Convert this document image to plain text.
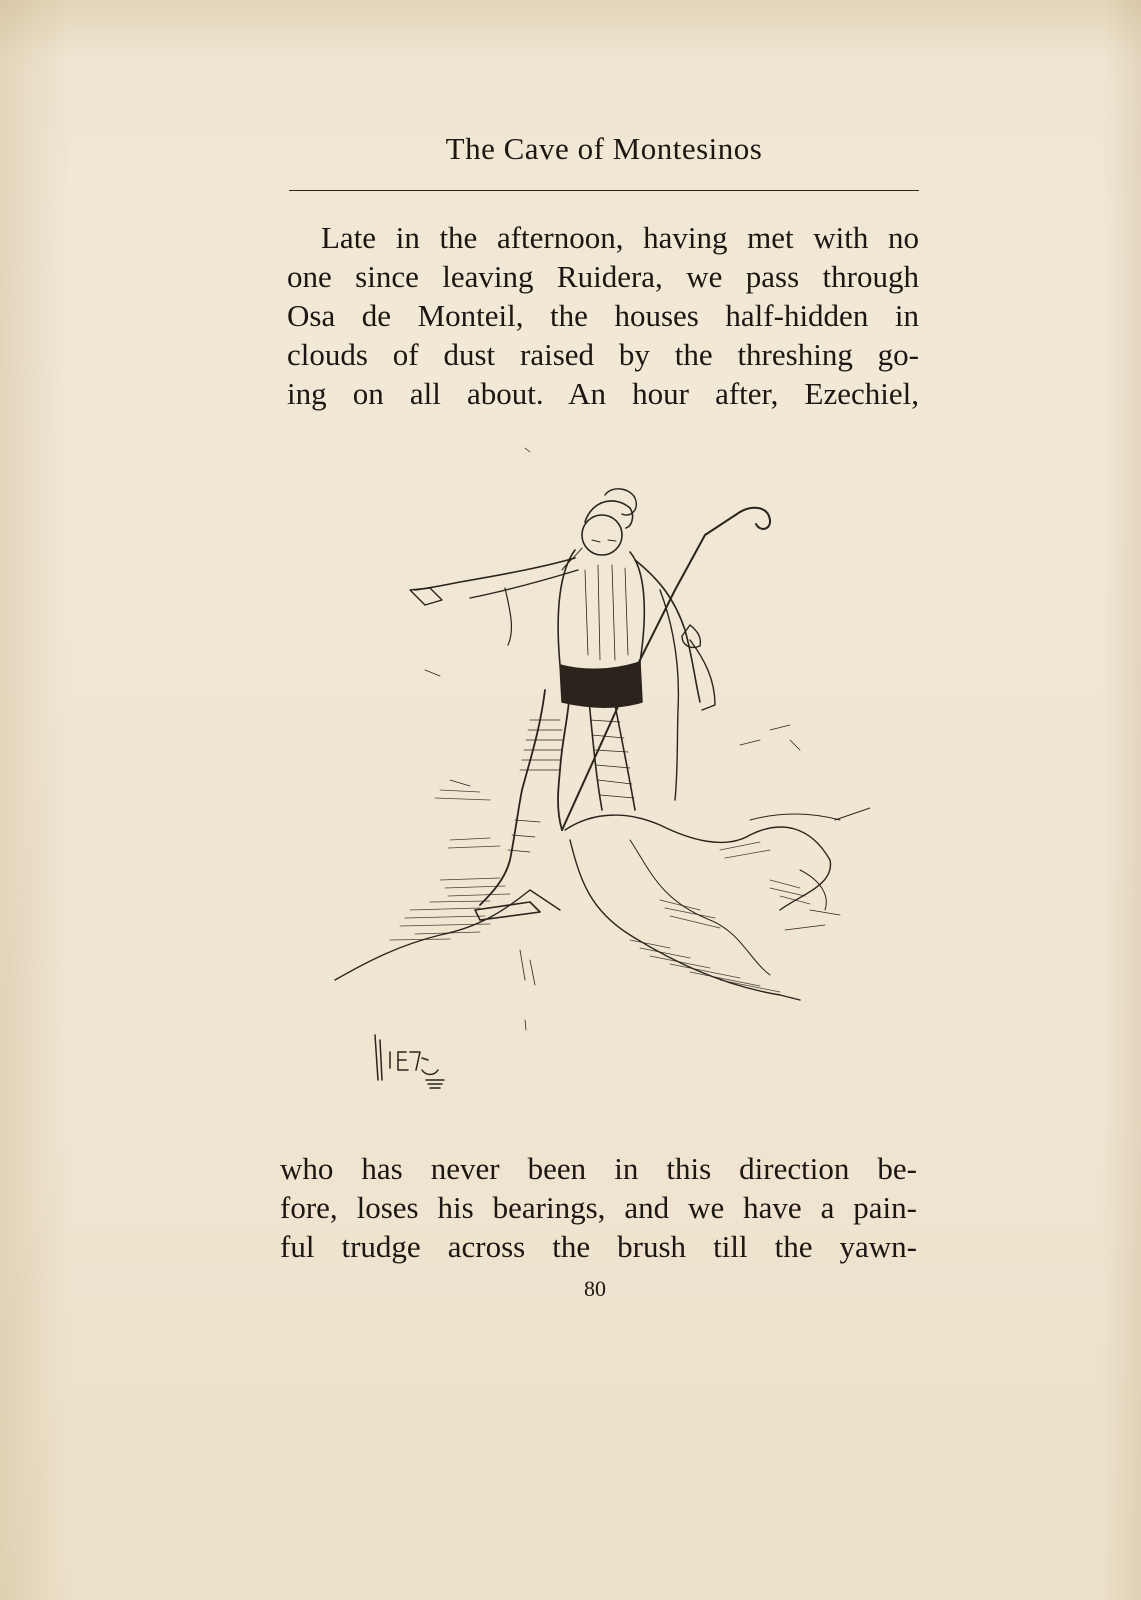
The Cave of Montesinos
Late in the afternoon, having met with no
one since leaving Ruidera, we pass through
Osa de Monteil, the houses half-hidden in
clouds of dust raised by the threshing go-
ing on all about. An hour after, Ezechiel,
who has never been in this direction be-
fore, loses his bearings, and we have a pain-
ful trudge across the brush till the yawn-
80
